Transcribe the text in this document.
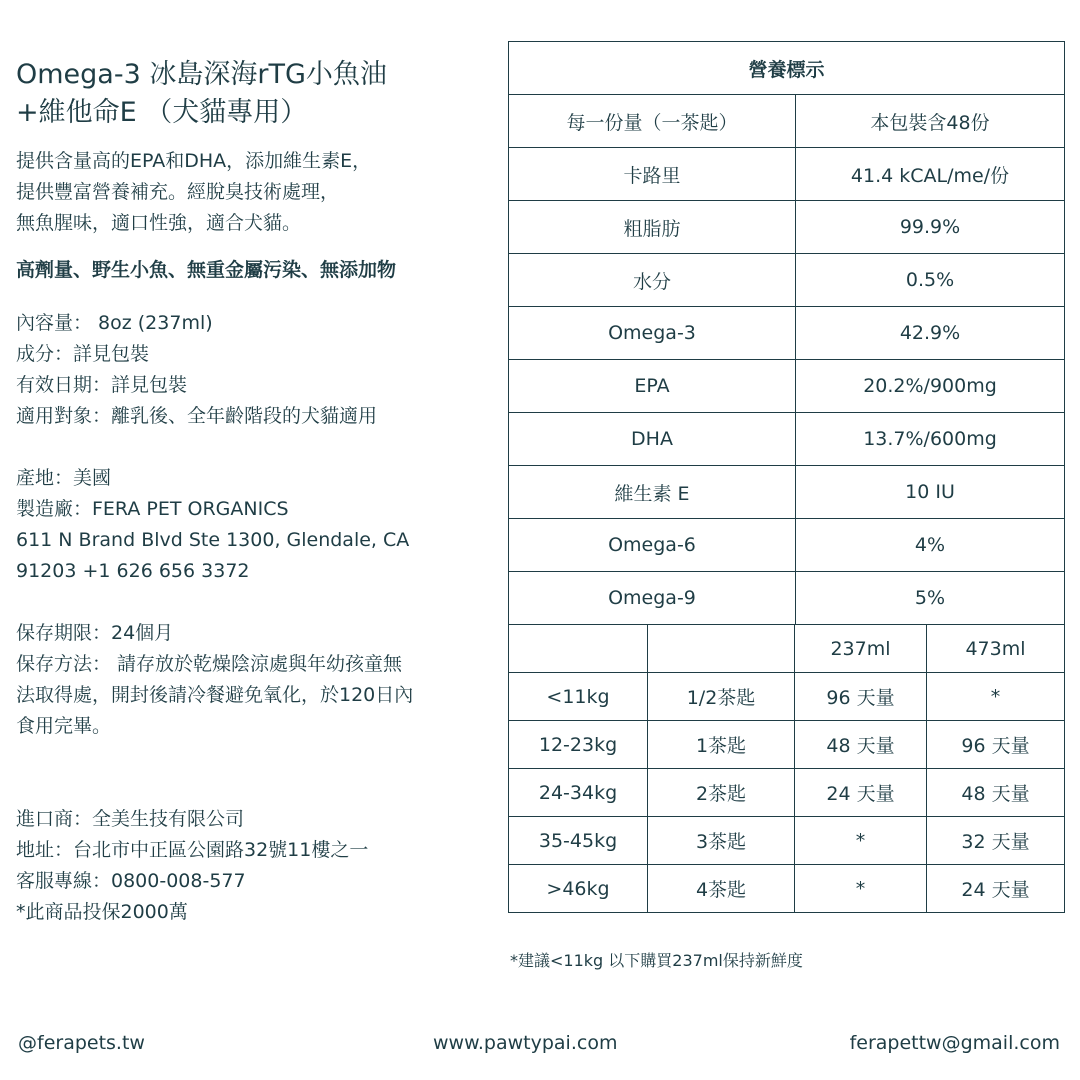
Omega-3 冰島深海rTG小魚油
+維他命E （犬貓專用）
提供含量高的EPA和DHA，添加維生素E，
提供豐富營養補充。經脫臭技術處理，
無魚腥味，適口性強，適合犬貓。
高劑量、野生小魚、無重金屬污染、無添加物
內容量： 8oz (237ml)
成分：詳見包裝
有效日期：詳見包裝
適用對象：離乳後、全年齡階段的犬貓適用
產地：美國
製造廠：FERA PET ORGANICS
611 N Brand Blvd Ste 1300, Glendale, CA
91203 +1 626 656 3372
保存期限：24個月
保存方法： 請存放於乾燥陰涼處與年幼孩童無
法取得處，開封後請冷餐避免氧化，於120日內
食用完畢。
進口商：全美生技有限公司
地址：台北市中正區公園路32號11樓之一
客服專線：0800-008-577
*此商品投保2000萬
營養標示	
每一份量（一茶匙）	本包裝含48份
卡路里	41.4 kCAL/me/份
粗脂肪	99.9%
水分	0.5%
Omega-3	42.9%
EPA	20.2%/900mg
DHA	13.7%/600mg
維生素 E	10 IU
Omega-6	4%
Omega-9	5%
		237ml	473ml
<11kg	1/2茶匙	96 天量	*
12-23kg	1茶匙	48 天量	96 天量
24-34kg	2茶匙	24 天量	48 天量
35-45kg	3茶匙	*	32 天量
>46kg	4茶匙	*	24 天量
*建議<11kg 以下購買237ml保持新鮮度
@ferapets.tw	www.pawtypai.com	ferapettw@gmail.com
